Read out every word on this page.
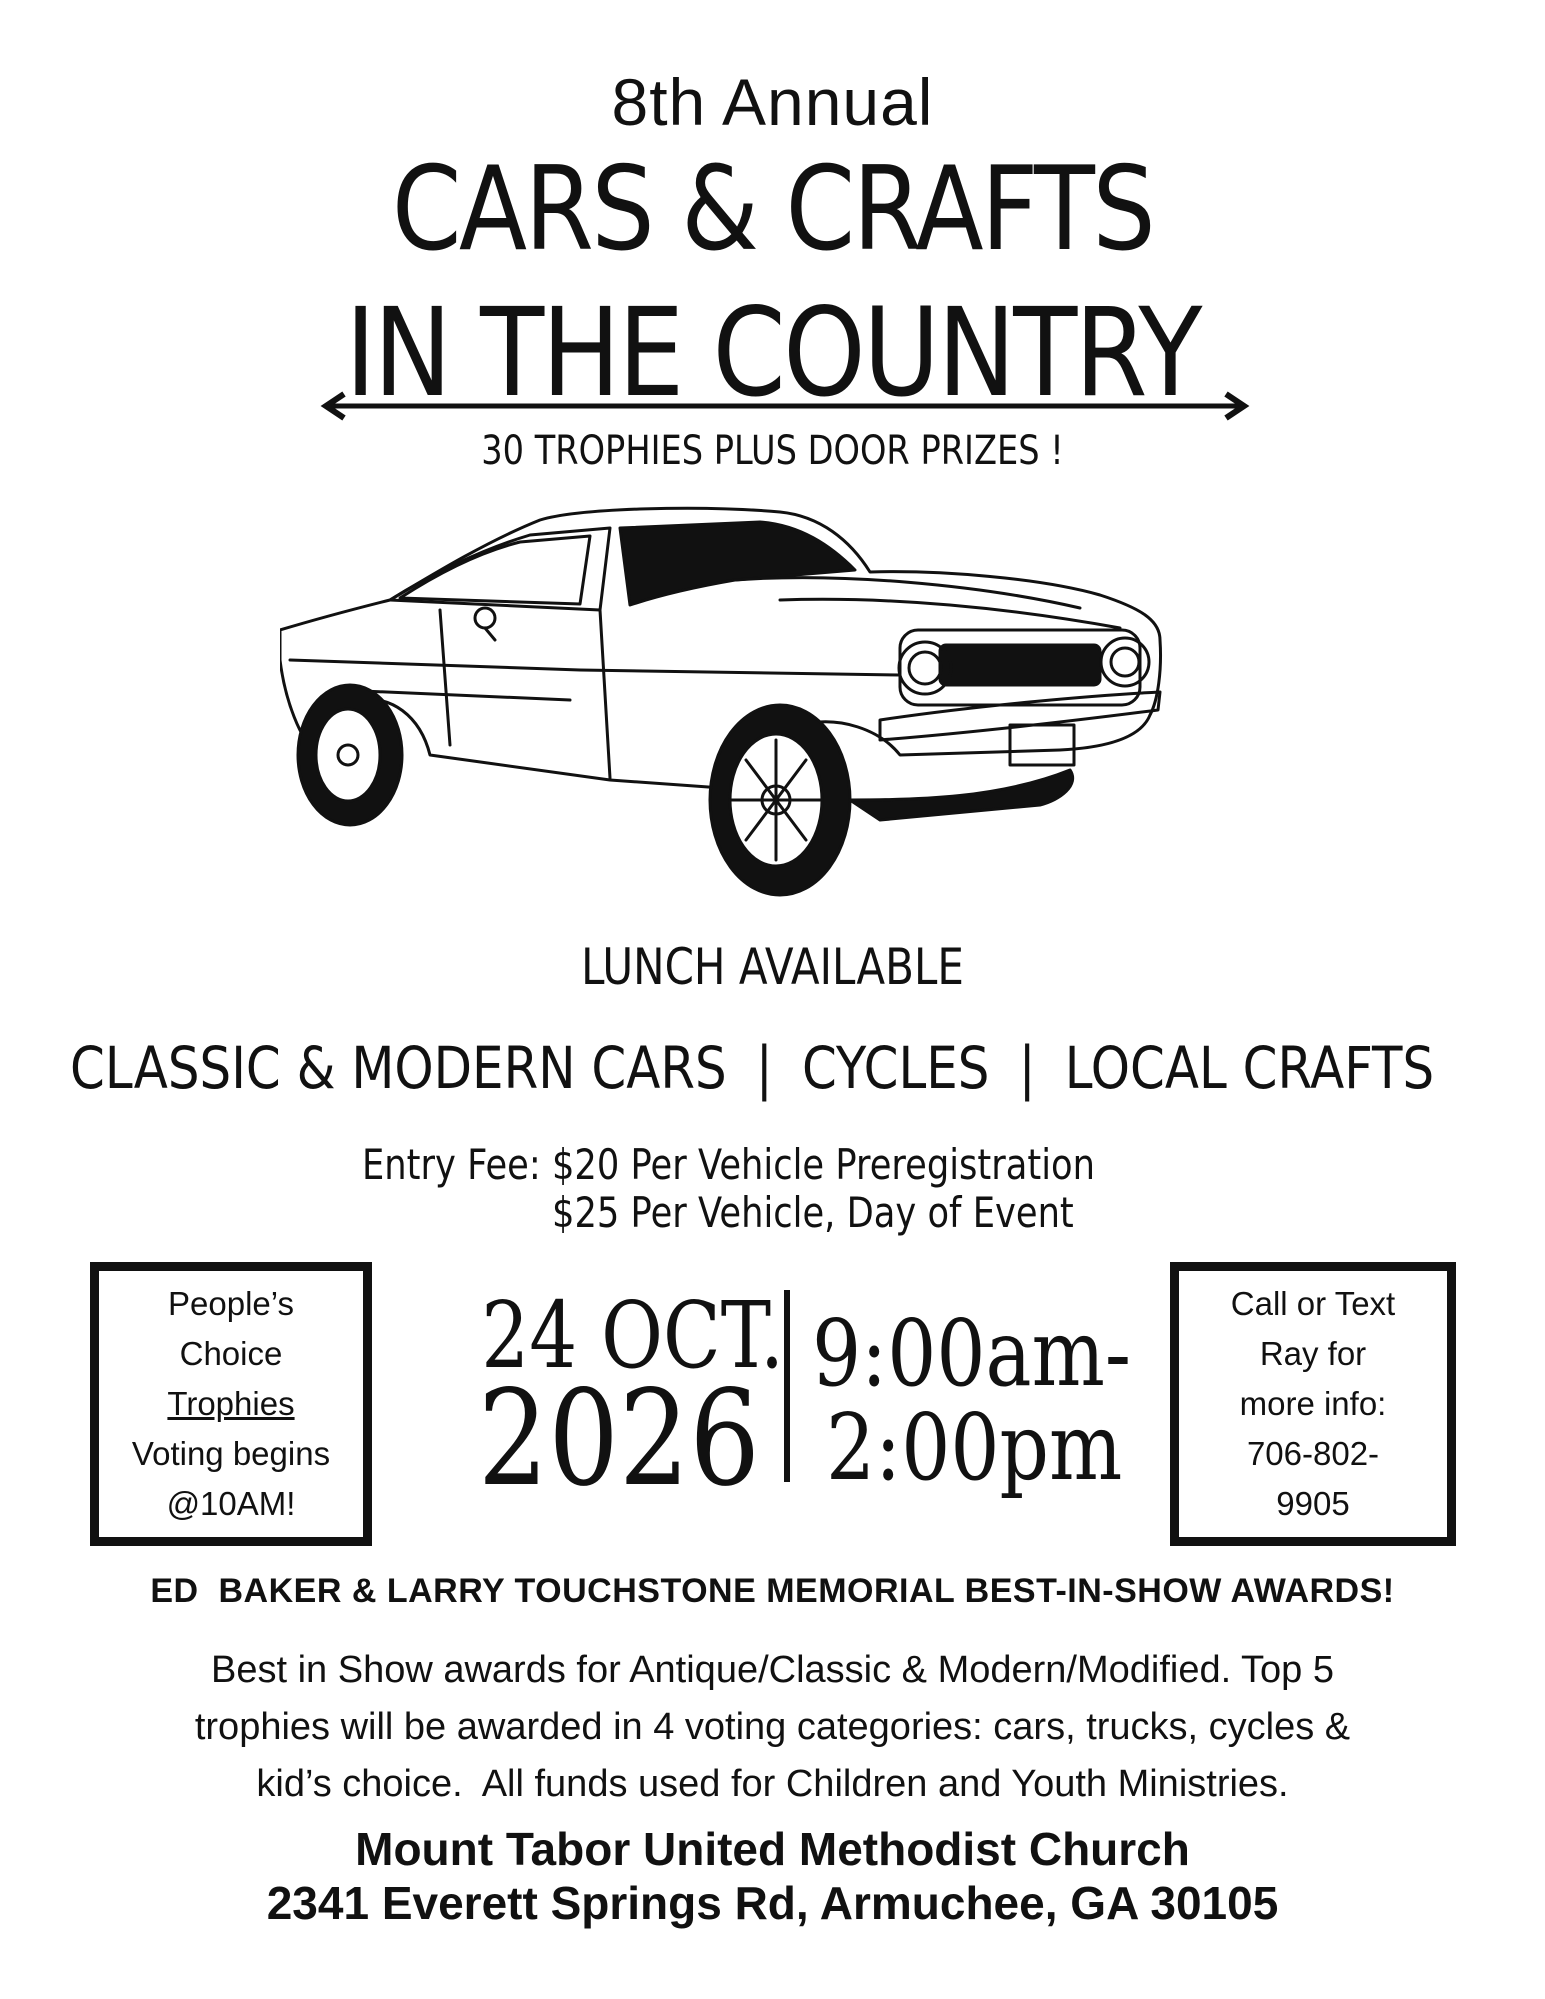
8th Annual
CARS & CRAFTS
IN THE COUNTRY
30 TROPHIES PLUS DOOR PRIZES !
LUNCH AVAILABLE
CLASSIC & MODERN CARS | CYCLES | LOCAL CRAFTS
Entry Fee: $20 Per Vehicle Preregistration
$25 Per Vehicle, Day of Event
People’s
Choice
Trophies
Voting begins
@10AM!
24 OCT.
2026
9:00am-
2:00pm
Call or Text
Ray for
more info:
706-802-
9905
ED  BAKER & LARRY TOUCHSTONE MEMORIAL BEST-IN-SHOW AWARDS!
Best in Show awards for Antique/Classic & Modern/Modified. Top 5
trophies will be awarded in 4 voting categories: cars, trucks, cycles &
kid’s choice.  All funds used for Children and Youth Ministries.
Mount Tabor United Methodist Church
2341 Everett Springs Rd, Armuchee, GA 30105
